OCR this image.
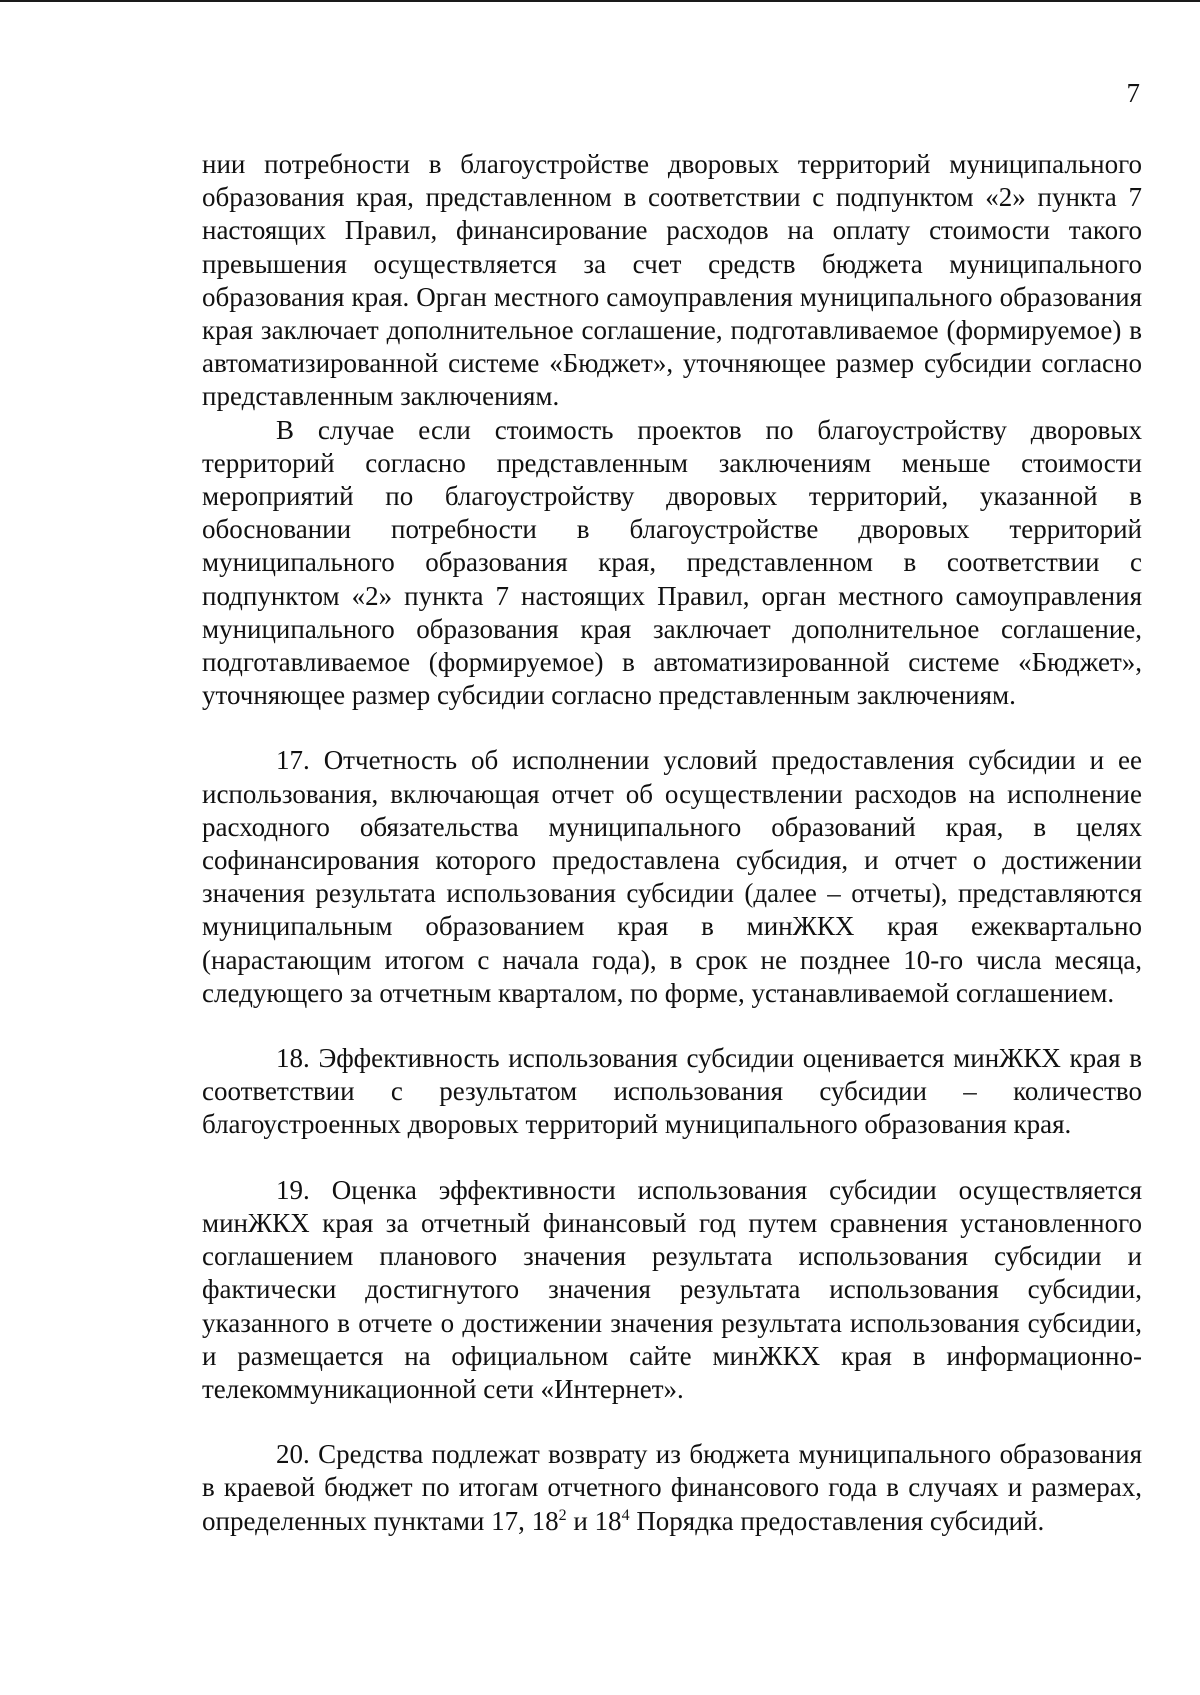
7

нии потребности в благоустройстве дворовых территорий муниципального образования края, представленном в соответствии с подпунктом «2» пункта 7 настоящих Правил, финансирование расходов на оплату стоимости такого превышения осуществляется за счет средств бюджета муниципального образования края. Орган местного самоуправления муниципального образования края заключает дополнительное соглашение, подготавливаемое (формируемое) в автоматизированной системе «Бюджет», уточняющее размер субсидии согласно представленным заключениям.

В случае если стоимость проектов по благоустройству дворовых территорий согласно представленным заключениям меньше стоимости мероприятий по благоустройству дворовых территорий, указанной в обосновании потребности в благоустройстве дворовых территорий муниципального образования края, представленном в соответствии с подпунктом «2» пункта 7 настоящих Правил, орган местного самоуправления муниципального образования края заключает дополнительное соглашение, подготавливаемое (формируемое) в автоматизированной системе «Бюджет», уточняющее размер субсидии согласно представленным заключениям.

17. Отчетность об исполнении условий предоставления субсидии и ее использования, включающая отчет об осуществлении расходов на исполнение расходного обязательства муниципального образований края, в целях софинансирования которого предоставлена субсидия, и отчет о достижении значения результата использования субсидии (далее – отчеты), представляются муниципальным образованием края в минЖКХ края ежеквартально (нарастающим итогом с начала года), в срок не позднее 10-го числа месяца, следующего за отчетным кварталом, по форме, устанавливаемой соглашением.

18. Эффективность использования субсидии оценивается минЖКХ края в соответствии с результатом использования субсидии – количество благоустроенных дворовых территорий муниципального образования края.

19. Оценка эффективности использования субсидии осуществляется минЖКХ края за отчетный финансовый год путем сравнения установленного соглашением планового значения результата использования субсидии и фактически достигнутого значения результата использования субсидии, указанного в отчете о достижении значения результата использования субсидии, и размещается на официальном сайте минЖКХ края в информационно-телекоммуникационной сети «Интернет».

20. Средства подлежат возврату из бюджета муниципального образования в краевой бюджет по итогам отчетного финансового года в случаях и размерах, определенных пунктами 17, $18^2$ и $18^4$ Порядка предоставления субсидий.
